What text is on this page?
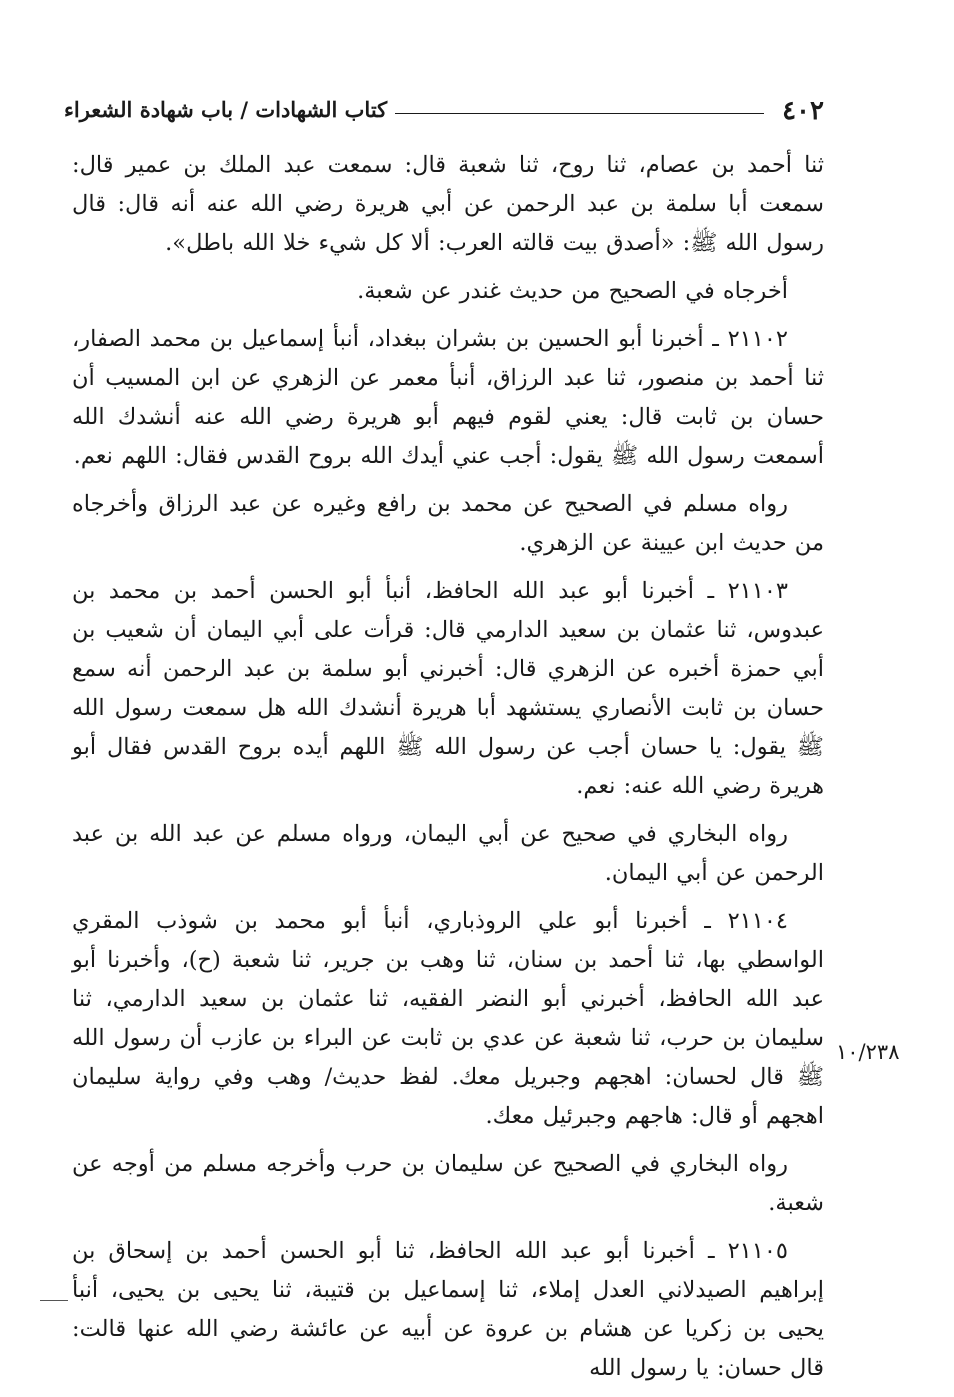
٤٠٢
كتاب الشهادات / باب شهادة الشعراء

ثنا أحمد بن عصام، ثنا روح، ثنا شعبة قال: سمعت عبد الملك بن عمير قال: سمعت أبا سلمة بن عبد الرحمن عن أبي هريرة رضي الله عنه أنه قال: قال رسول الله ﷺ: «أصدق بيت قالته العرب: ألا كل شيء خلا الله باطل».

أخرجاه في الصحيح من حديث غندر عن شعبة.

٢١١٠٢ ـ أخبرنا أبو الحسين بن بشران ببغداد، أنبأ إسماعيل بن محمد الصفار، ثنا أحمد بن منصور، ثنا عبد الرزاق، أنبأ معمر عن الزهري عن ابن المسيب أن حسان بن ثابت قال: يعني لقوم فيهم أبو هريرة رضي الله عنه أنشدك الله أسمعت رسول الله ﷺ يقول: أجب عني أيدك الله بروح القدس فقال: اللهم نعم.

رواه مسلم في الصحيح عن محمد بن رافع وغيره عن عبد الرزاق وأخرجاه من حديث ابن عيينة عن الزهري.

٢١١٠٣ ـ أخبرنا أبو عبد الله الحافظ، أنبأ أبو الحسن أحمد بن محمد بن عبدوس، ثنا عثمان بن سعيد الدارمي قال: قرأت على أبي اليمان أن شعيب بن أبي حمزة أخبره عن الزهري قال: أخبرني أبو سلمة بن عبد الرحمن أنه سمع حسان بن ثابت الأنصاري يستشهد أبا هريرة أنشدك الله هل سمعت رسول الله ﷺ يقول: يا حسان أجب عن رسول الله ﷺ اللهم أيده بروح القدس فقال أبو هريرة رضي الله عنه: نعم.

رواه البخاري في صحيح عن أبي اليمان، ورواه مسلم عن عبد الله بن عبد الرحمن عن أبي اليمان.

٢١١٠٤ ـ أخبرنا أبو علي الروذباري، أنبأ أبو محمد بن شوذب المقري الواسطي بها، ثنا أحمد بن سنان، ثنا وهب بن جرير، ثنا شعبة (ح)، وأخبرنا أبو عبد الله الحافظ، أخبرني أبو النضر الفقيه، ثنا عثمان بن سعيد الدارمي، ثنا سليمان بن حرب، ثنا شعبة عن عدي بن ثابت عن البراء بن عازب أن رسول الله ﷺ قال لحسان: اهجهم وجبريل معك. لفظ حديث/ وهب وفي رواية سليمان اهجهم أو قال: هاجهم وجبرئيل معك.

رواه البخاري في الصحيح عن سليمان بن حرب وأخرجه مسلم من أوجه عن شعبة.

٢١١٠٥ ـ أخبرنا أبو عبد الله الحافظ، ثنا أبو الحسن أحمد بن إسحاق بن إبراهيم الصيدلاني العدل إملاء، ثنا إسماعيل بن قتيبة، ثنا يحيى بن يحيى، أنبأ يحيى بن زكريا عن هشام بن عروة عن أبيه عن عائشة رضي الله عنها قالت: قال حسان: يا رسول الله

١٠/٢٣٨
